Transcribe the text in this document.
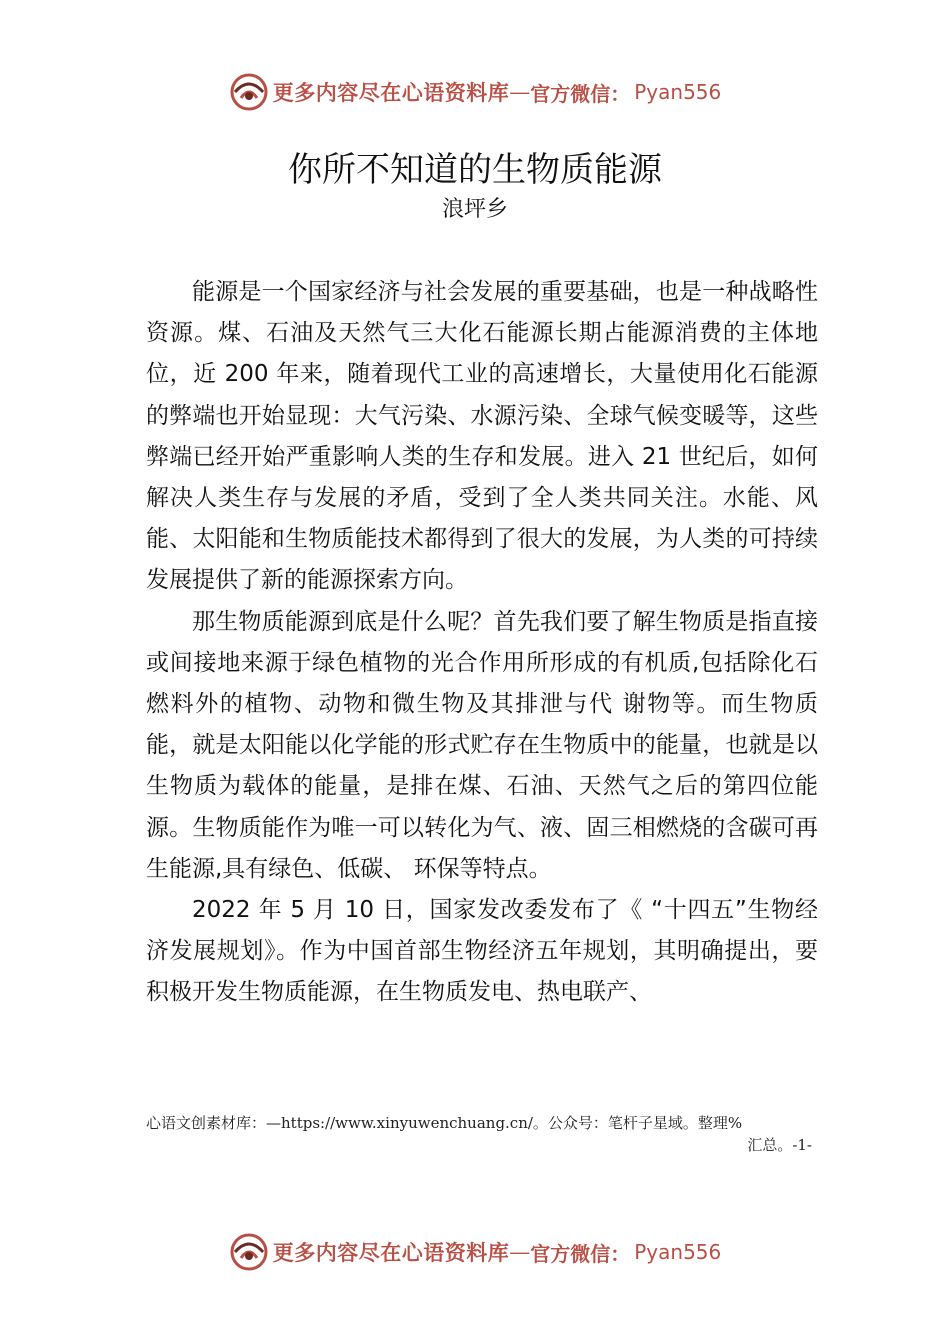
更多内容尽在心语资料库 — 官方微信： Pyan556
你所不知道的生物质能源
浪坪乡

能源是一个国家经济与社会发展的重要基础，也是一种战略性资源。煤、石油及天然气三大化石能源长期占能源消费的主体地位，近 200 年来，随着现代工业的高速增长，大量使用化石能源的弊端也开始显现：大气污染、水源污染、全球气候变暖等，这些弊端已经开始严重影响人类的生存和发展。进入 21 世纪后，如何解决人类生存与发展的矛盾，受到了全人类共同关注。水能、风能、太阳能和生物质能技术都得到了很大的发展，为人类的可持续发展提供了新的能源探索方向。

那生物质能源到底是什么呢？首先我们要了解生物质是指直接或间接地来源于绿色植物的光合作用所形成的有机质,包括除化石燃料外的植物、动物和微生物及其排泄与代 谢物等。而生物质能，就是太阳能以化学能的形式贮存在生物质中的能量，也就是以生物质为载体的能量，是排在煤、石油、天然气之后的第四位能源。生物质能作为唯一可以转化为气、液、固三相燃烧的含碳可再生能源,具有绿色、低碳、 环保等特点。

2022 年 5 月 10 日，国家发改委发布了《 “十四五”生物经济发展规划》。作为中国首部生物经济五年规划，其明确提出，要积极开发生物质能源，在生物质发电、热电联产、

心语文创素材库：—https://www.xinyuwenchuang.cn/。公众号：笔杆子星域。整理%
汇总。-1-
更多内容尽在心语资料库 — 官方微信： Pyan556
